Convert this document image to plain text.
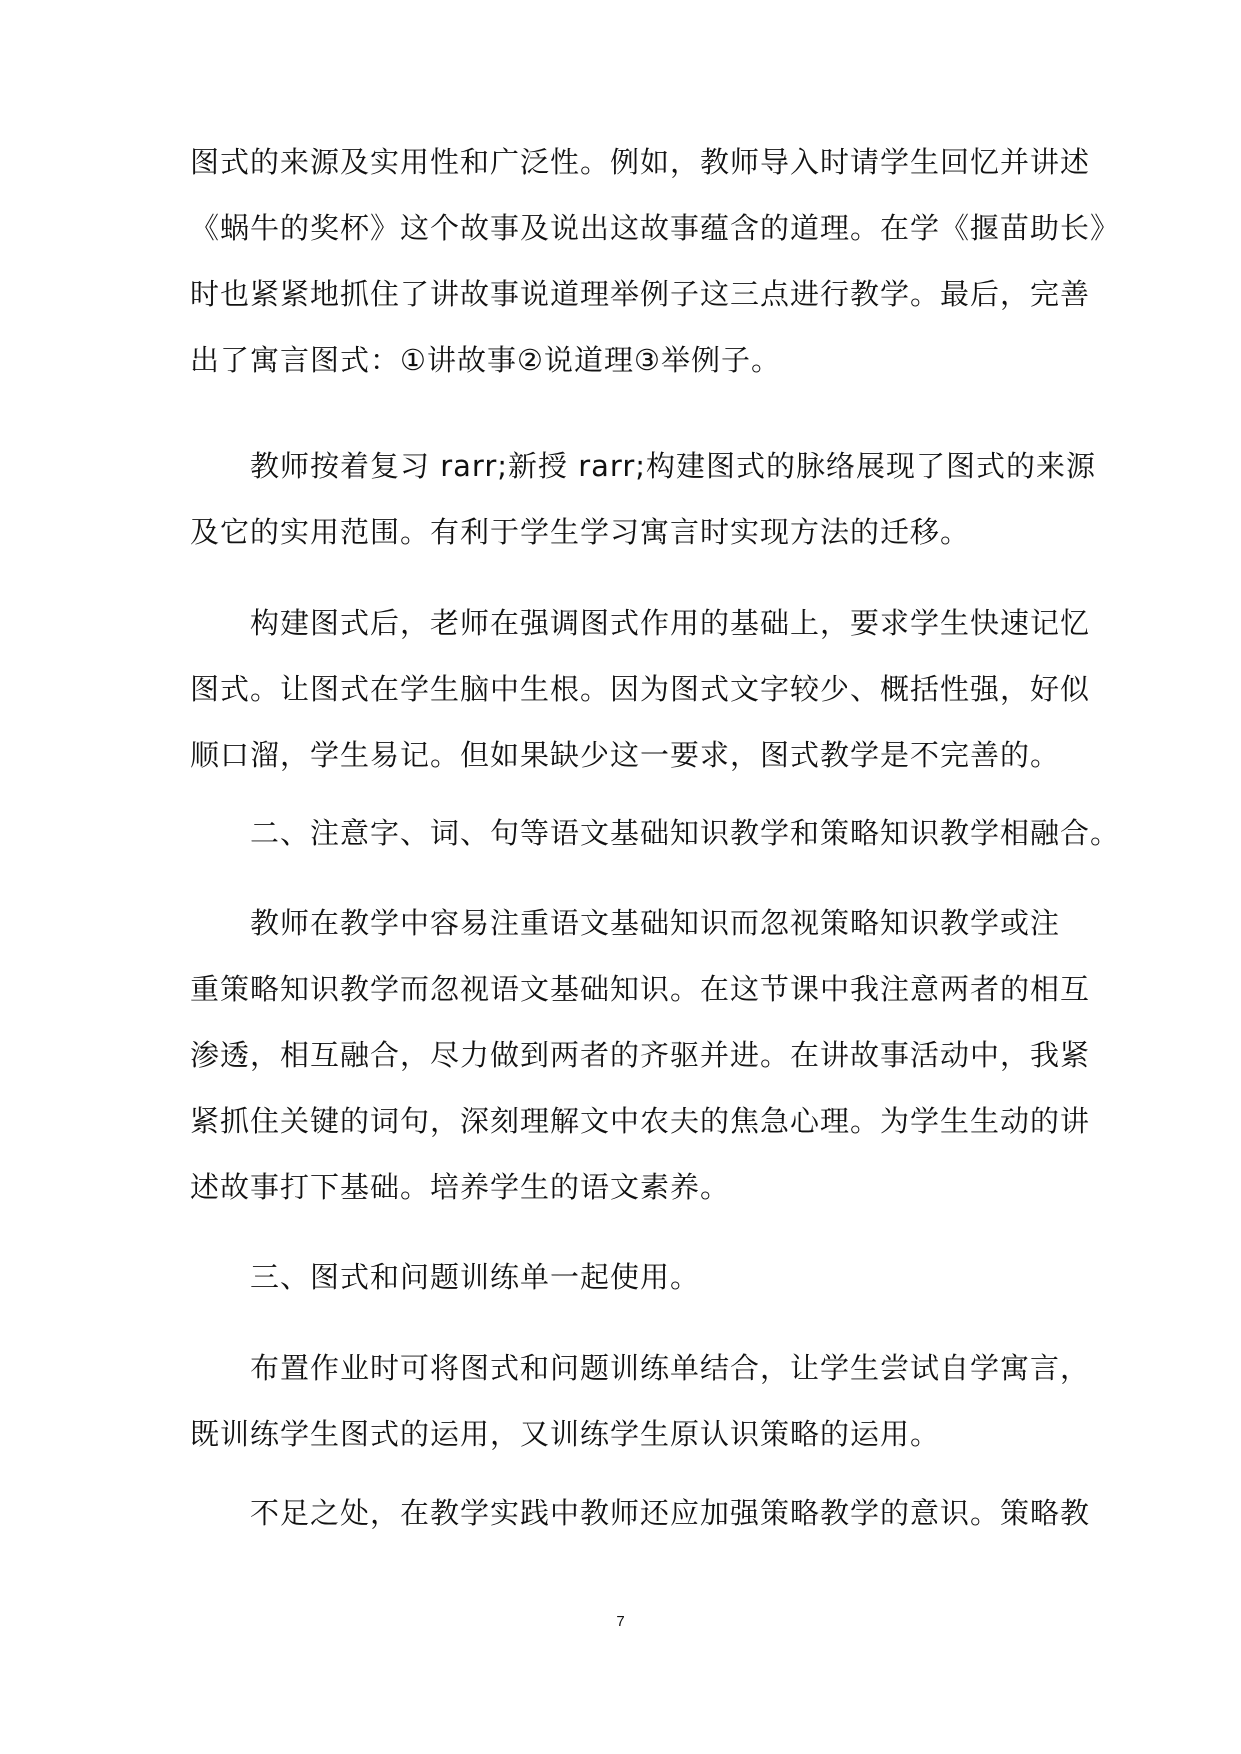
图式的来源及实用性和广泛性。例如，教师导入时请学生回忆并讲述
《蜗牛的奖杯》这个故事及说出这故事蕴含的道理。在学《揠苗助长》
时也紧紧地抓住了讲故事说道理举例子这三点进行教学。最后，完善
出了寓言图式：①讲故事②说道理③举例子。
教师按着复习 rarr;新授 rarr;构建图式的脉络展现了图式的来源
及它的实用范围。有利于学生学习寓言时实现方法的迁移。
构建图式后，老师在强调图式作用的基础上，要求学生快速记忆
图式。让图式在学生脑中生根。因为图式文字较少、概括性强，好似
顺口溜，学生易记。但如果缺少这一要求，图式教学是不完善的。
二、注意字、词、句等语文基础知识教学和策略知识教学相融合。
教师在教学中容易注重语文基础知识而忽视策略知识教学或注
重策略知识教学而忽视语文基础知识。在这节课中我注意两者的相互
渗透，相互融合，尽力做到两者的齐驱并进。在讲故事活动中，我紧
紧抓住关键的词句，深刻理解文中农夫的焦急心理。为学生生动的讲
述故事打下基础。培养学生的语文素养。
三、图式和问题训练单一起使用。
布置作业时可将图式和问题训练单结合，让学生尝试自学寓言，
既训练学生图式的运用，又训练学生原认识策略的运用。
不足之处，在教学实践中教师还应加强策略教学的意识。策略教
7
